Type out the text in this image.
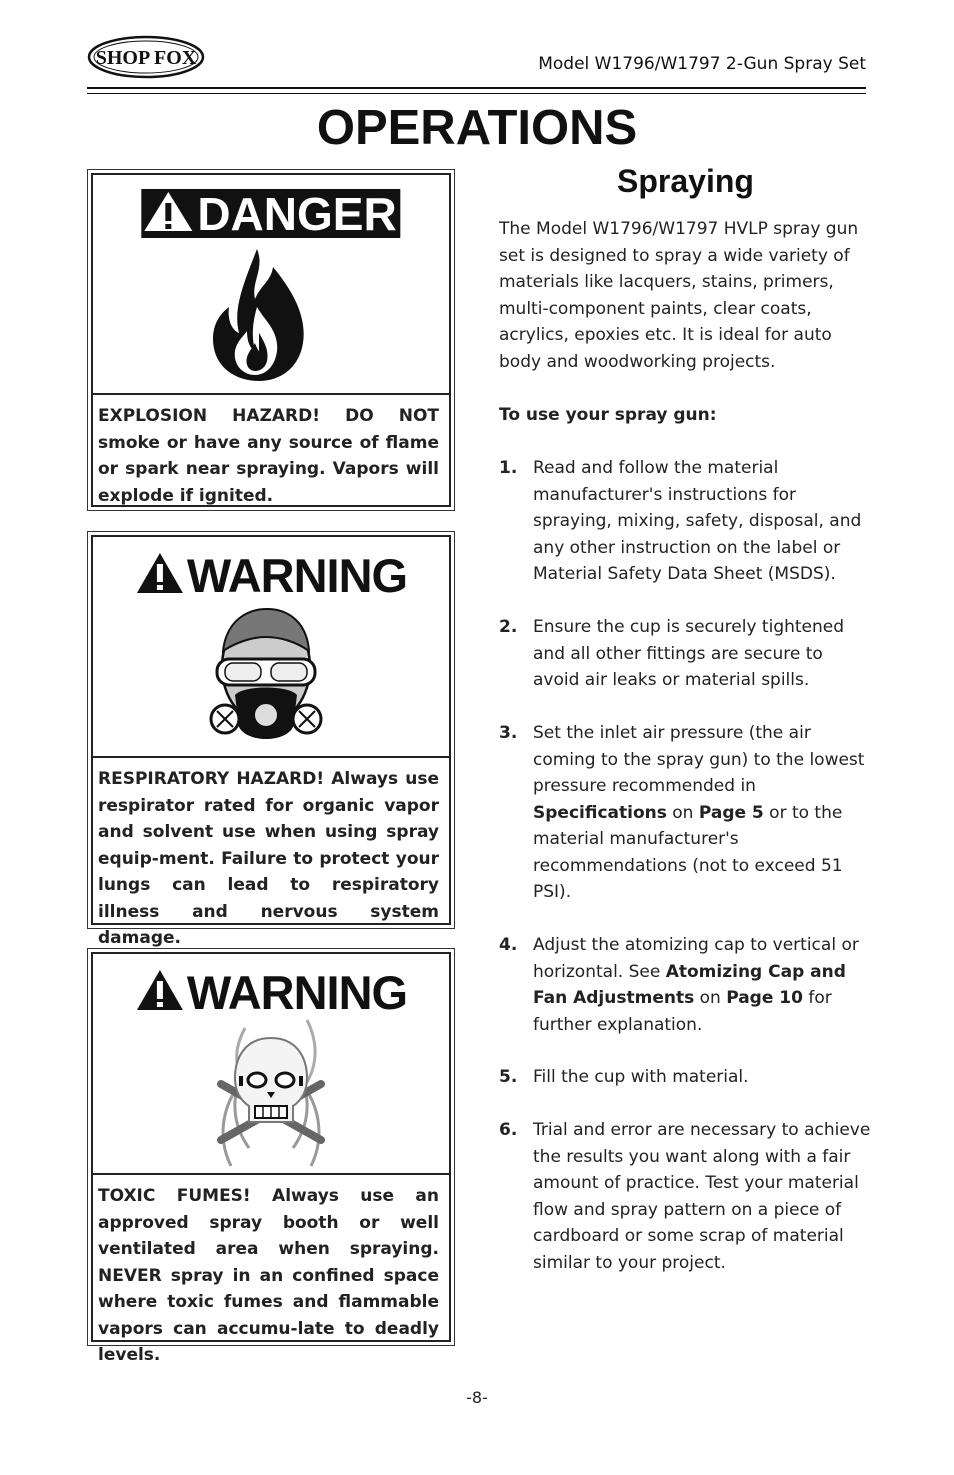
SHOP FOX	Model W1796/W1797 2-Gun Spray Set
OPERATIONS
DANGER
EXPLOSION HAZARD! DO NOT smoke or have any source of flame or spark near spraying. Vapors will explode if ignited.
WARNING
RESPIRATORY HAZARD! Always use respirator rated for organic vapor and solvent use when using spray equip-ment. Failure to protect your lungs can lead to respiratory illness and nervous system damage.
WARNING
TOXIC FUMES! Always use an approved spray booth or well ventilated area when spraying. NEVER spray in an confined space where toxic fumes and flammable vapors can accumu-late to deadly levels.
Spraying
The Model W1796/W1797 HVLP spray gun set is designed to spray a wide variety of materials like lacquers, stains, primers, multi-component paints, clear coats, acrylics, epoxies etc. It is ideal for auto body and woodworking projects.
To use your spray gun:
1. Read and follow the material manufacturer's instructions for spraying, mixing, safety, disposal, and any other instruction on the label or Material Safety Data Sheet (MSDS).
2. Ensure the cup is securely tightened and all other fittings are secure to avoid air leaks or material spills.
3. Set the inlet air pressure (the air coming to the spray gun) to the lowest pressure recommended in Specifications on Page 5 or to the material manufacturer's recommendations (not to exceed 51 PSI).
4. Adjust the atomizing cap to vertical or horizontal. See Atomizing Cap and Fan Adjustments on Page 10 for further explanation.
5. Fill the cup with material.
6. Trial and error are necessary to achieve the results you want along with a fair amount of practice. Test your material flow and spray pattern on a piece of cardboard or some scrap of material similar to your project.
-8-
